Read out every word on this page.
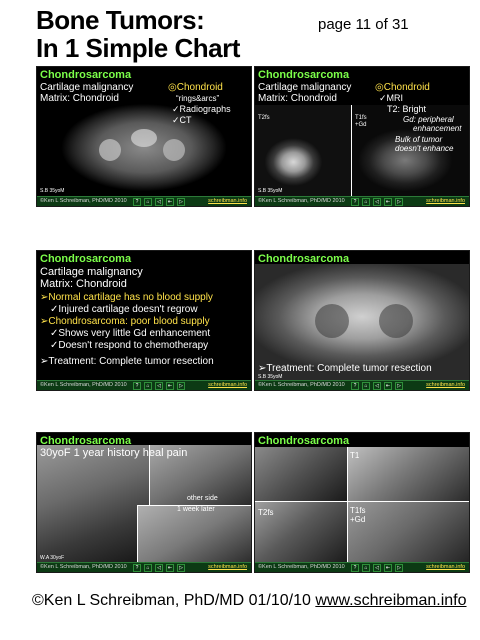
Bone Tumors:
In 1 Simple Chart
page 11 of 31
Chondrosarcoma
Cartilage malignancy
Matrix: Chondroid
◎Chondroid
“rings&arcs”
✓Radiographs
✓CT
S.B 35yoM
©Ken L Schreibman, PhD/MD 2010	?	⌂	◁	⇤	▷	schreibman.info
Chondrosarcoma
Cartilage malignancy
Matrix: Chondroid
◎Chondroid
✓MRI
T2: Bright
T2fs	T1fs
+Gd
Gd: peripheral
enhancement
Bulk of tumor
doesn't enhance
S.B 35yoM
©Ken L Schreibman, PhD/MD 2010	?	⌂	◁	⇤	▷	schreibman.info
Chondrosarcoma
Cartilage malignancy
Matrix: Chondroid
➢Normal cartilage has no blood supply
✓Injured cartilage doesn't regrow
➢Chondrosarcoma: poor blood supply
✓Shows very little Gd enhancement
✓Doesn't respond to chemotherapy
➢Treatment: Complete tumor resection
©Ken L Schreibman, PhD/MD 2010	?	⌂	◁	⇤	▷	schreibman.info
Chondrosarcoma
➢Treatment: Complete tumor resection
S.B 35yoM
©Ken L Schreibman, PhD/MD 2010	?	⌂	◁	⇤	▷	schreibman.info
Chondrosarcoma
30yoF 1 year history heal pain
other side
1 week later
W.A 30yoF
©Ken L Schreibman, PhD/MD 2010	?	⌂	◁	⇤	▷	schreibman.info
Chondrosarcoma
T1
T2fs	T1fs
+Gd
©Ken L Schreibman, PhD/MD 2010	?	⌂	◁	⇤	▷	schreibman.info
©Ken L Schreibman, PhD/MD 01/10/10 www.schreibman.info
